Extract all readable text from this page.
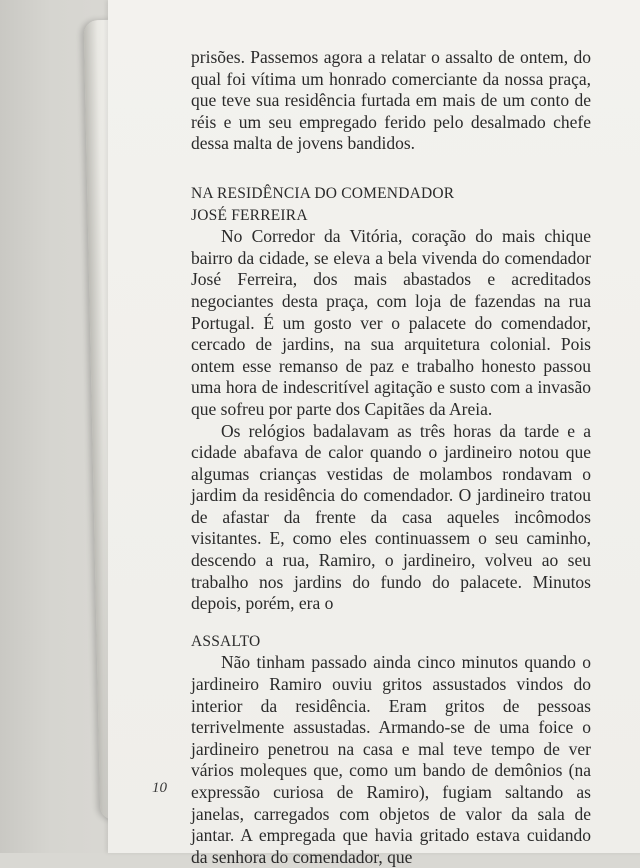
prisões. Passemos agora a relatar o assalto de ontem, do qual foi vítima um honrado comerciante da nossa praça, que teve sua residência furtada em mais de um conto de réis e um seu empregado ferido pelo desalmado chefe dessa malta de jovens bandidos.

NA RESIDÊNCIA DO COMENDADOR

JOSÉ FERREIRA

No Corredor da Vitória, coração do mais chique bairro da cidade, se eleva a bela vivenda do comendador José Ferreira, dos mais abastados e acreditados negociantes desta praça, com loja de fazendas na rua Portugal. É um gosto ver o palacete do comendador, cercado de jardins, na sua arquitetura colonial. Pois ontem esse remanso de paz e trabalho honesto passou uma hora de indescritível agitação e susto com a invasão que sofreu por parte dos Capitães da Areia.

Os relógios badalavam as três horas da tarde e a cidade abafava de calor quando o jardineiro notou que algumas crianças vestidas de molambos rondavam o jardim da residência do comendador. O jardineiro tratou de afastar da frente da casa aqueles incômodos visitantes. E, como eles continuassem o seu caminho, descendo a rua, Ramiro, o jardineiro, volveu ao seu trabalho nos jardins do fundo do palacete. Minutos depois, porém, era o

ASSALTO

Não tinham passado ainda cinco minutos quando o jardineiro Ramiro ouviu gritos assustados vindos do interior da residência. Eram gritos de pessoas terrivelmente assustadas. Armando-se de uma foice o jardineiro penetrou na casa e mal teve tempo de ver vários moleques que, como um bando de demônios (na expressão curiosa de Ramiro), fugiam saltando as janelas, carregados com objetos de valor da sala de jantar. A empregada que havia gritado estava cuidando da senhora do comendador, que

10
